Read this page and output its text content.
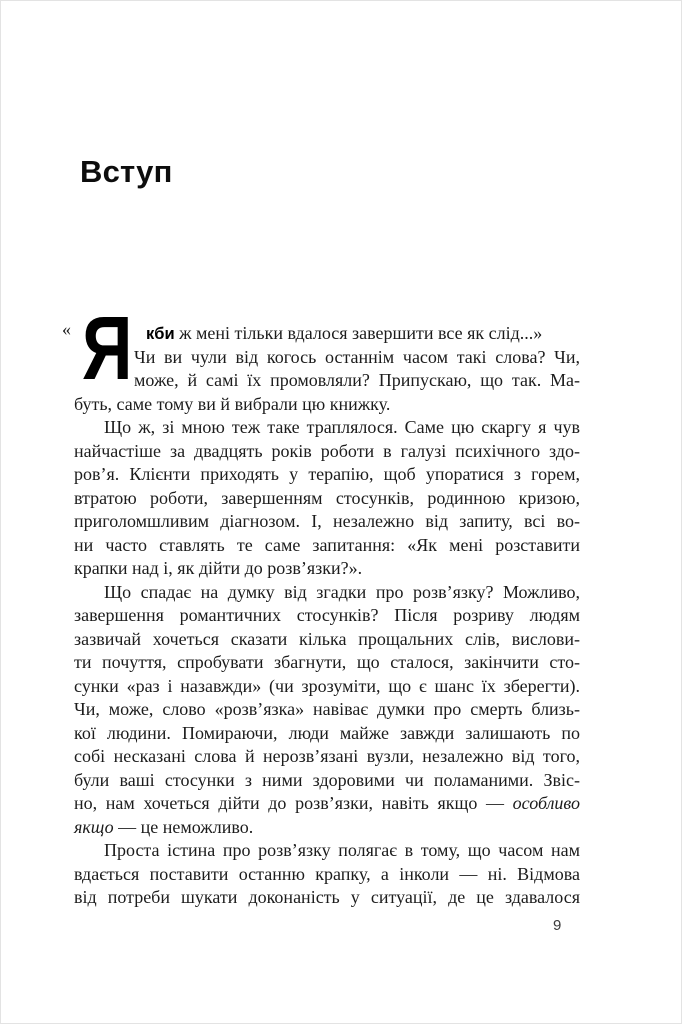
Вступ
« Я кби ж мені тільки вдалося завершити все як слід...»
Чи ви чули від когось останнім часом такі слова? Чи,
може, й самі їх промовляли? Припускаю, що так. Ма-
буть, саме тому ви й вибрали цю книжку.
Що ж, зі мною теж таке траплялося. Саме цю скаргу я чув
найчастіше за двадцять років роботи в галузі психічного здо-
ров’я. Клієнти приходять у терапію, щоб упоратися з горем,
втратою роботи, завершенням стосунків, родинною кризою,
приголомшливим діагнозом. І, незалежно від запиту, всі во-
ни часто ставлять те саме запитання: «Як мені розставити
крапки над і, як дійти до розв’язки?».
Що спадає на думку від згадки про розв’язку? Можливо,
завершення романтичних стосунків? Після розриву людям
зазвичай хочеться сказати кілька прощальних слів, вислови-
ти почуття, спробувати збагнути, що сталося, закінчити сто-
сунки «раз і назавжди» (чи зрозуміти, що є шанс їх зберегти).
Чи, може, слово «розв’язка» навіває думки про смерть близь-
кої людини. Помираючи, люди майже завжди залишають по
собі несказані слова й нерозв’язані вузли, незалежно від того,
були ваші стосунки з ними здоровими чи поламаними. Звіс-
но, нам хочеться дійти до розв’язки, навіть якщо — особливо
якщо — це неможливо.
Проста істина про розв’язку полягає в тому, що часом нам
вдається поставити останню крапку, а інколи — ні. Відмова
від потреби шукати доконаність у ситуації, де це здавалося
9
